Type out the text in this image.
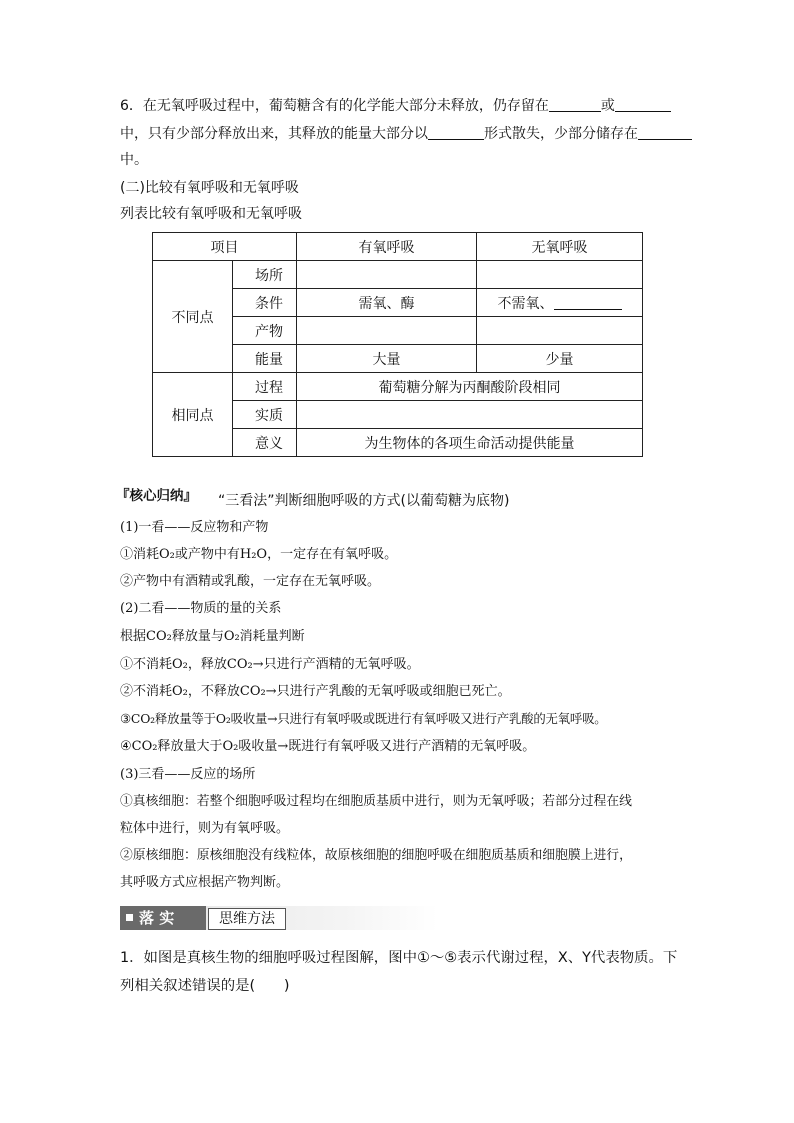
6．在无氧呼吸过程中，葡萄糖含有的化学能大部分未释放，仍存留在	或
中，只有少部分释放出来，其释放的能量大部分以	形式散失，少部分储存在
中。
(二)比较有氧呼吸和无氧呼吸
列表比较有氧呼吸和无氧呼吸
项目		有氧呼吸	无氧呼吸
不同点	场所		
	条件	需氧、酶	不需氧、
	产物		
	能量	大量	少量
相同点	过程	葡萄糖分解为丙酮酸阶段相同	
	实质		
	意义	为生物体的各项生命活动提供能量	
『核心归纳』 “三看法”判断细胞呼吸的方式(以葡萄糖为底物)
(1)一看——反应物和产物
①消耗O₂或产物中有H₂O，一定存在有氧呼吸。
②产物中有酒精或乳酸，一定存在无氧呼吸。
(2)二看——物质的量的关系
根据CO₂释放量与O₂消耗量判断
①不消耗O₂，释放CO₂→只进行产酒精的无氧呼吸。
②不消耗O₂，不释放CO₂→只进行产乳酸的无氧呼吸或细胞已死亡。
③CO₂释放量等于O₂吸收量→只进行有氧呼吸或既进行有氧呼吸又进行产乳酸的无氧呼吸。
④CO₂释放量大于O₂吸收量→既进行有氧呼吸又进行产酒精的无氧呼吸。
(3)三看——反应的场所
①真核细胞：若整个细胞呼吸过程均在细胞质基质中进行，则为无氧呼吸；若部分过程在线
粒体中进行，则为有氧呼吸。
②原核细胞：原核细胞没有线粒体，故原核细胞的细胞呼吸在细胞质基质和细胞膜上进行，
其呼吸方式应根据产物判断。
落 实	思维方法
1．如图是真核生物的细胞呼吸过程图解，图中①～⑤表示代谢过程，X、Y代表物质。下
列相关叙述错误的是(　　)
